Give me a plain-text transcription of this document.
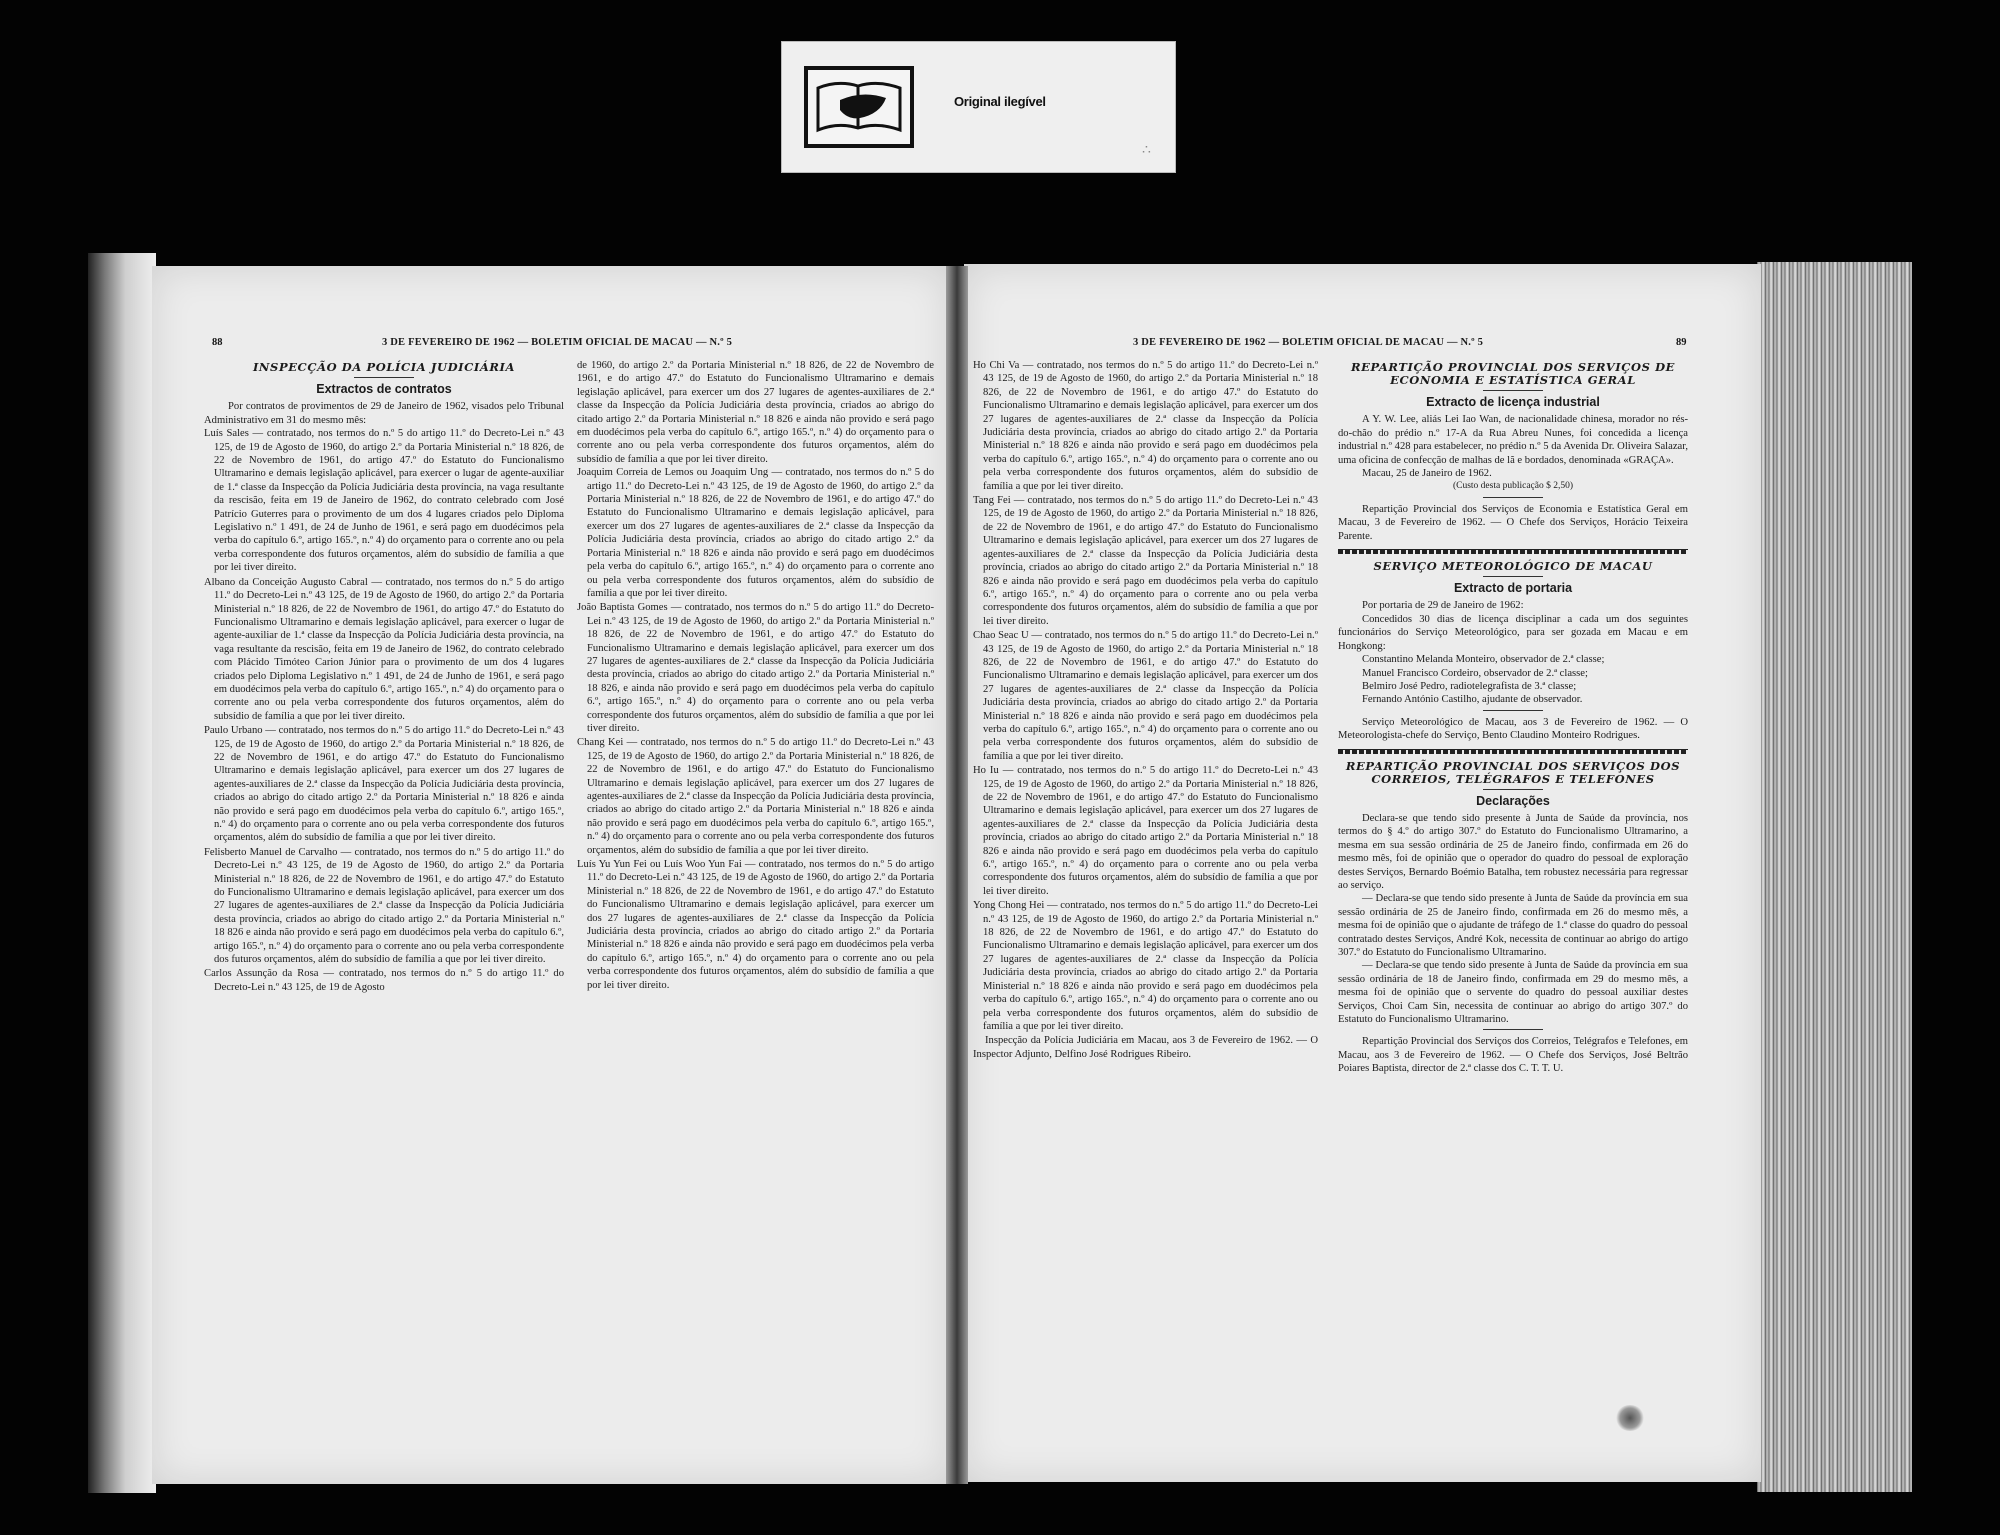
Original ilegível
∴
88	3 DE FEVEREIRO DE 1962 — BOLETIM OFICIAL DE MACAU — N.º 5
INSPECÇÃO DA POLÍCIA JUDICIÁRIA
Extractos de contratos

Por contratos de provimentos de 29 de Janeiro de 1962, visados pelo Tribunal Administrativo em 31 do mesmo mês:

Luís Sales — contratado, nos termos do n.º 5 do artigo 11.º do Decreto-Lei n.º 43 125, de 19 de Agosto de 1960, do artigo 2.º da Portaria Ministerial n.º 18 826, de 22 de Novembro de 1961, do artigo 47.º do Estatuto do Funcionalismo Ultramarino e demais legislação aplicável, para exercer o lugar de agente-auxiliar de 1.ª classe da Inspecção da Polícia Judiciária desta província, na vaga resultante da rescisão, feita em 19 de Janeiro de 1962, do contrato celebrado com José Patrício Guterres para o provimento de um dos 4 lugares criados pelo Diploma Legislativo n.º 1 491, de 24 de Junho de 1961, e será pago em duodécimos pela verba do capítulo 6.º, artigo 165.º, n.º 4) do orçamento para o corrente ano ou pela verba correspondente dos futuros orçamentos, além do subsídio de família a que por lei tiver direito.

Albano da Conceição Augusto Cabral — contratado, nos termos do n.º 5 do artigo 11.º do Decreto-Lei n.º 43 125, de 19 de Agosto de 1960, do artigo 2.º da Portaria Ministerial n.º 18 826, de 22 de Novembro de 1961, do artigo 47.º do Estatuto do Funcionalismo Ultramarino e demais legislação aplicável, para exercer o lugar de agente-auxiliar de 1.ª classe da Inspecção da Polícia Judiciária desta província, na vaga resultante da rescisão, feita em 19 de Janeiro de 1962, do contrato celebrado com Plácido Timóteo Carion Júnior para o provimento de um dos 4 lugares criados pelo Diploma Legislativo n.º 1 491, de 24 de Junho de 1961, e será pago em duodécimos pela verba do capítulo 6.º, artigo 165.º, n.º 4) do orçamento para o corrente ano ou pela verba correspondente dos futuros orçamentos, além do subsídio de família a que por lei tiver direito.

Paulo Urbano — contratado, nos termos do n.º 5 do artigo 11.º do Decreto-Lei n.º 43 125, de 19 de Agosto de 1960, do artigo 2.º da Portaria Ministerial n.º 18 826, de 22 de Novembro de 1961, e do artigo 47.º do Estatuto do Funcionalismo Ultramarino e demais legislação aplicável, para exercer um dos 27 lugares de agentes-auxiliares de 2.ª classe da Inspecção da Polícia Judiciária desta província, criados ao abrigo do citado artigo 2.º da Portaria Ministerial n.º 18 826 e ainda não provido e será pago em duodécimos pela verba do capítulo 6.º, artigo 165.º, n.º 4) do orçamento para o corrente ano ou pela verba correspondente dos futuros orçamentos, além do subsídio de família a que por lei tiver direito.

Felisberto Manuel de Carvalho — contratado, nos termos do n.º 5 do artigo 11.º do Decreto-Lei n.º 43 125, de 19 de Agosto de 1960, do artigo 2.º da Portaria Ministerial n.º 18 826, de 22 de Novembro de 1961, e do artigo 47.º do Estatuto do Funcionalismo Ultramarino e demais legislação aplicável, para exercer um dos 27 lugares de agentes-auxiliares de 2.ª classe da Inspecção da Polícia Judiciária desta província, criados ao abrigo do citado artigo 2.º da Portaria Ministerial n.º 18 826 e ainda não provido e será pago em duodécimos pela verba do capítulo 6.º, artigo 165.º, n.º 4) do orçamento para o corrente ano ou pela verba correspondente dos futuros orçamentos, além do subsídio de família a que por lei tiver direito.

Carlos Assunção da Rosa — contratado, nos termos do n.º 5 do artigo 11.º do Decreto-Lei n.º 43 125, de 19 de Agosto

de 1960, do artigo 2.º da Portaria Ministerial n.º 18 826, de 22 de Novembro de 1961, e do artigo 47.º do Estatuto do Funcionalismo Ultramarino e demais legislação aplicável, para exercer um dos 27 lugares de agentes-auxiliares de 2.ª classe da Inspecção da Polícia Judiciária desta província, criados ao abrigo do citado artigo 2.º da Portaria Ministerial n.º 18 826 e ainda não provido e será pago em duodécimos pela verba do capítulo 6.º, artigo 165.º, n.º 4) do orçamento para o corrente ano ou pela verba correspondente dos futuros orçamentos, além do subsídio de família a que por lei tiver direito.

Joaquim Correia de Lemos ou Joaquim Ung — contratado, nos termos do n.º 5 do artigo 11.º do Decreto-Lei n.º 43 125, de 19 de Agosto de 1960, do artigo 2.º da Portaria Ministerial n.º 18 826, de 22 de Novembro de 1961, e do artigo 47.º do Estatuto do Funcionalismo Ultramarino e demais legislação aplicável, para exercer um dos 27 lugares de agentes-auxiliares de 2.ª classe da Inspecção da Polícia Judiciária desta província, criados ao abrigo do citado artigo 2.º da Portaria Ministerial n.º 18 826 e ainda não provido e será pago em duodécimos pela verba do capítulo 6.º, artigo 165.º, n.º 4) do orçamento para o corrente ano ou pela verba correspondente dos futuros orçamentos, além do subsídio de família a que por lei tiver direito.

João Baptista Gomes — contratado, nos termos do n.º 5 do artigo 11.º do Decreto-Lei n.º 43 125, de 19 de Agosto de 1960, do artigo 2.º da Portaria Ministerial n.º 18 826, de 22 de Novembro de 1961, e do artigo 47.º do Estatuto do Funcionalismo Ultramarino e demais legislação aplicável, para exercer um dos 27 lugares de agentes-auxiliares de 2.ª classe da Inspecção da Polícia Judiciária desta província, criados ao abrigo do citado artigo 2.º da Portaria Ministerial n.º 18 826, e ainda não provido e será pago em duodécimos pela verba do capítulo 6.º, artigo 165.º, n.º 4) do orçamento para o corrente ano ou pela verba correspondente dos futuros orçamentos, além do subsídio de família a que por lei tiver direito.

Chang Kei — contratado, nos termos do n.º 5 do artigo 11.º do Decreto-Lei n.º 43 125, de 19 de Agosto de 1960, do artigo 2.º da Portaria Ministerial n.º 18 826, de 22 de Novembro de 1961, e do artigo 47.º do Estatuto do Funcionalismo Ultramarino e demais legislação aplicável, para exercer um dos 27 lugares de agentes-auxiliares de 2.ª classe da Inspecção da Polícia Judiciária desta província, criados ao abrigo do citado artigo 2.º da Portaria Ministerial n.º 18 826 e ainda não provido e será pago em duodécimos pela verba do capítulo 6.º, artigo 165.º, n.º 4) do orçamento para o corrente ano ou pela verba correspondente dos futuros orçamentos, além do subsídio de família a que por lei tiver direito.

Luís Yu Yun Fei ou Luís Woo Yun Fai — contratado, nos termos do n.º 5 do artigo 11.º do Decreto-Lei n.º 43 125, de 19 de Agosto de 1960, do artigo 2.º da Portaria Ministerial n.º 18 826, de 22 de Novembro de 1961, e do artigo 47.º do Estatuto do Funcionalismo Ultramarino e demais legislação aplicável, para exercer um dos 27 lugares de agentes-auxiliares de 2.ª classe da Inspecção da Polícia Judiciária desta província, criados ao abrigo do citado artigo 2.º da Portaria Ministerial n.º 18 826 e ainda não provido e será pago em duodécimos pela verba do capítulo 6.º, artigo 165.º, n.º 4) do orçamento para o corrente ano ou pela verba correspondente dos futuros orçamentos, além do subsídio de família a que por lei tiver direito.

3 DE FEVEREIRO DE 1962 — BOLETIM OFICIAL DE MACAU — N.º 5	89

Ho Chi Va — contratado, nos termos do n.º 5 do artigo 11.º do Decreto-Lei n.º 43 125, de 19 de Agosto de 1960, do artigo 2.º da Portaria Ministerial n.º 18 826, de 22 de Novembro de 1961, e do artigo 47.º do Estatuto do Funcionalismo Ultramarino e demais legislação aplicável, para exercer um dos 27 lugares de agentes-auxiliares de 2.ª classe da Inspecção da Polícia Judiciária desta província, criados ao abrigo do citado artigo 2.º da Portaria Ministerial n.º 18 826 e ainda não provido e será pago em duodécimos pela verba do capítulo 6.º, artigo 165.º, n.º 4) do orçamento para o corrente ano ou pela verba correspondente dos futuros orçamentos, além do subsídio de família a que por lei tiver direito.

Tang Fei — contratado, nos termos do n.º 5 do artigo 11.º do Decreto-Lei n.º 43 125, de 19 de Agosto de 1960, do artigo 2.º da Portaria Ministerial n.º 18 826, de 22 de Novembro de 1961, e do artigo 47.º do Estatuto do Funcionalismo Ultramarino e demais legislação aplicável, para exercer um dos 27 lugares de agentes-auxiliares de 2.ª classe da Inspecção da Polícia Judiciária desta província, criados ao abrigo do citado artigo 2.º da Portaria Ministerial n.º 18 826 e ainda não provido e será pago em duodécimos pela verba do capítulo 6.º, artigo 165.º, n.º 4) do orçamento para o corrente ano ou pela verba correspondente dos futuros orçamentos, além do subsídio de família a que por lei tiver direito.

Chao Seac U — contratado, nos termos do n.º 5 do artigo 11.º do Decreto-Lei n.º 43 125, de 19 de Agosto de 1960, do artigo 2.º da Portaria Ministerial n.º 18 826, de 22 de Novembro de 1961, e do artigo 47.º do Estatuto do Funcionalismo Ultramarino e demais legislação aplicável, para exercer um dos 27 lugares de agentes-auxiliares de 2.ª classe da Inspecção da Polícia Judiciária desta província, criados ao abrigo do citado artigo 2.º da Portaria Ministerial n.º 18 826 e ainda não provido e será pago em duodécimos pela verba do capítulo 6.º, artigo 165.º, n.º 4) do orçamento para o corrente ano ou pela verba correspondente dos futuros orçamentos, além do subsídio de família a que por lei tiver direito.

Ho Iu — contratado, nos termos do n.º 5 do artigo 11.º do Decreto-Lei n.º 43 125, de 19 de Agosto de 1960, do artigo 2.º da Portaria Ministerial n.º 18 826, de 22 de Novembro de 1961, e do artigo 47.º do Estatuto do Funcionalismo Ultramarino e demais legislação aplicável, para exercer um dos 27 lugares de agentes-auxiliares de 2.ª classe da Inspecção da Polícia Judiciária desta província, criados ao abrigo do citado artigo 2.º da Portaria Ministerial n.º 18 826 e ainda não provido e será pago em duodécimos pela verba do capítulo 6.º, artigo 165.º, n.º 4) do orçamento para o corrente ano ou pela verba correspondente dos futuros orçamentos, além do subsídio de família a que por lei tiver direito.

Yong Chong Hei — contratado, nos termos do n.º 5 do artigo 11.º do Decreto-Lei n.º 43 125, de 19 de Agosto de 1960, do artigo 2.º da Portaria Ministerial n.º 18 826, de 22 de Novembro de 1961, e do artigo 47.º do Estatuto do Funcionalismo Ultramarino e demais legislação aplicável, para exercer um dos 27 lugares de agentes-auxiliares de 2.ª classe da Inspecção da Polícia Judiciária desta província, criados ao abrigo do citado artigo 2.º da Portaria Ministerial n.º 18 826 e ainda não provido e será pago em duodécimos pela verba do capítulo 6.º, artigo 165.º, n.º 4) do orçamento para o corrente ano ou pela verba correspondente dos futuros orçamentos, além do subsídio de família a que por lei tiver direito.

Inspecção da Polícia Judiciária em Macau, aos 3 de Fevereiro de 1962. — O Inspector Adjunto, Delfino José Rodrigues Ribeiro.

REPARTIÇÃO PROVINCIAL DOS SERVIÇOS DE ECONOMIA E ESTATÍSTICA GERAL
Extracto de licença industrial

A Y. W. Lee, aliás Lei Iao Wan, de nacionalidade chinesa, morador no rés-do-chão do prédio n.º 17-A da Rua Abreu Nunes, foi concedida a licença industrial n.º 428 para estabelecer, no prédio n.º 5 da Avenida Dr. Oliveira Salazar, uma oficina de confecção de malhas de lã e bordados, denominada «GRAÇA».

Macau, 25 de Janeiro de 1962.

(Custo desta publicação $ 2,50)

Repartição Provincial dos Serviços de Economia e Estatística Geral em Macau, 3 de Fevereiro de 1962. — O Chefe dos Serviços, Horácio Teixeira Parente.

SERVIÇO METEOROLÓGICO DE MACAU
Extracto de portaria

Por portaria de 29 de Janeiro de 1962:

Concedidos 30 dias de licença disciplinar a cada um dos seguintes funcionários do Serviço Meteorológico, para ser gozada em Macau e em Hongkong:

Constantino Melanda Monteiro, observador de 2.ª classe;

Manuel Francisco Cordeiro, observador de 2.ª classe;

Belmiro José Pedro, radiotelegrafista de 3.ª classe;

Fernando António Castilho, ajudante de observador.

Serviço Meteorológico de Macau, aos 3 de Fevereiro de 1962. — O Meteorologista-chefe do Serviço, Bento Claudino Monteiro Rodrigues.

REPARTIÇÃO PROVINCIAL DOS SERVIÇOS DOS CORREIOS, TELÉGRAFOS E TELEFONES
Declarações

Declara-se que tendo sido presente à Junta de Saúde da província, nos termos do § 4.º do artigo 307.º do Estatuto do Funcionalismo Ultramarino, a mesma em sua sessão ordinária de 25 de Janeiro findo, confirmada em 26 do mesmo mês, foi de opinião que o operador do quadro do pessoal de exploração destes Serviços, Bernardo Boémio Batalha, tem robustez necessária para regressar ao serviço.

— Declara-se que tendo sido presente à Junta de Saúde da província em sua sessão ordinária de 25 de Janeiro findo, confirmada em 26 do mesmo mês, a mesma foi de opinião que o ajudante de tráfego de 1.ª classe do quadro do pessoal contratado destes Serviços, André Kok, necessita de continuar ao abrigo do artigo 307.º do Estatuto do Funcionalismo Ultramarino.

— Declara-se que tendo sido presente à Junta de Saúde da província em sua sessão ordinária de 18 de Janeiro findo, confirmada em 29 do mesmo mês, a mesma foi de opinião que o servente do quadro do pessoal auxiliar destes Serviços, Choi Cam Sin, necessita de continuar ao abrigo do artigo 307.º do Estatuto do Funcionalismo Ultramarino.

Repartição Provincial dos Serviços dos Correios, Telégrafos e Telefones, em Macau, aos 3 de Fevereiro de 1962. — O Chefe dos Serviços, José Beltrão Poiares Baptista, director de 2.ª classe dos C. T. T. U.
